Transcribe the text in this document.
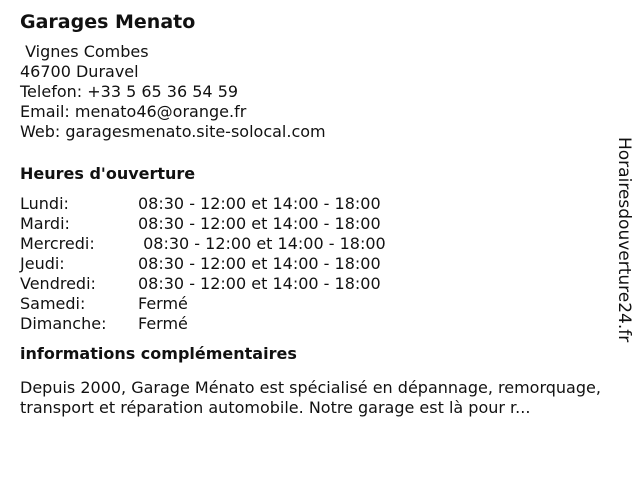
Garages Menato
Vignes Combes
46700 Duravel
Telefon: +33 5 65 36 54 59
Email: menato46@orange.fr
Web: garagesmenato.site-solocal.com
Heures d'ouverture
Lundi:	08:30 - 12:00 et 14:00 - 18:00
Mardi:	08:30 - 12:00 et 14:00 - 18:00
Mercredi:	08:30 - 12:00 et 14:00 - 18:00
Jeudi:	08:30 - 12:00 et 14:00 - 18:00
Vendredi:	08:30 - 12:00 et 14:00 - 18:00
Samedi:	Fermé
Dimanche:	Fermé
informations complémentaires
Depuis 2000, Garage Ménato est spécialisé en dépannage, remorquage, transport et réparation automobile. Notre garage est là pour r...
Horairesdouverture24.fr
